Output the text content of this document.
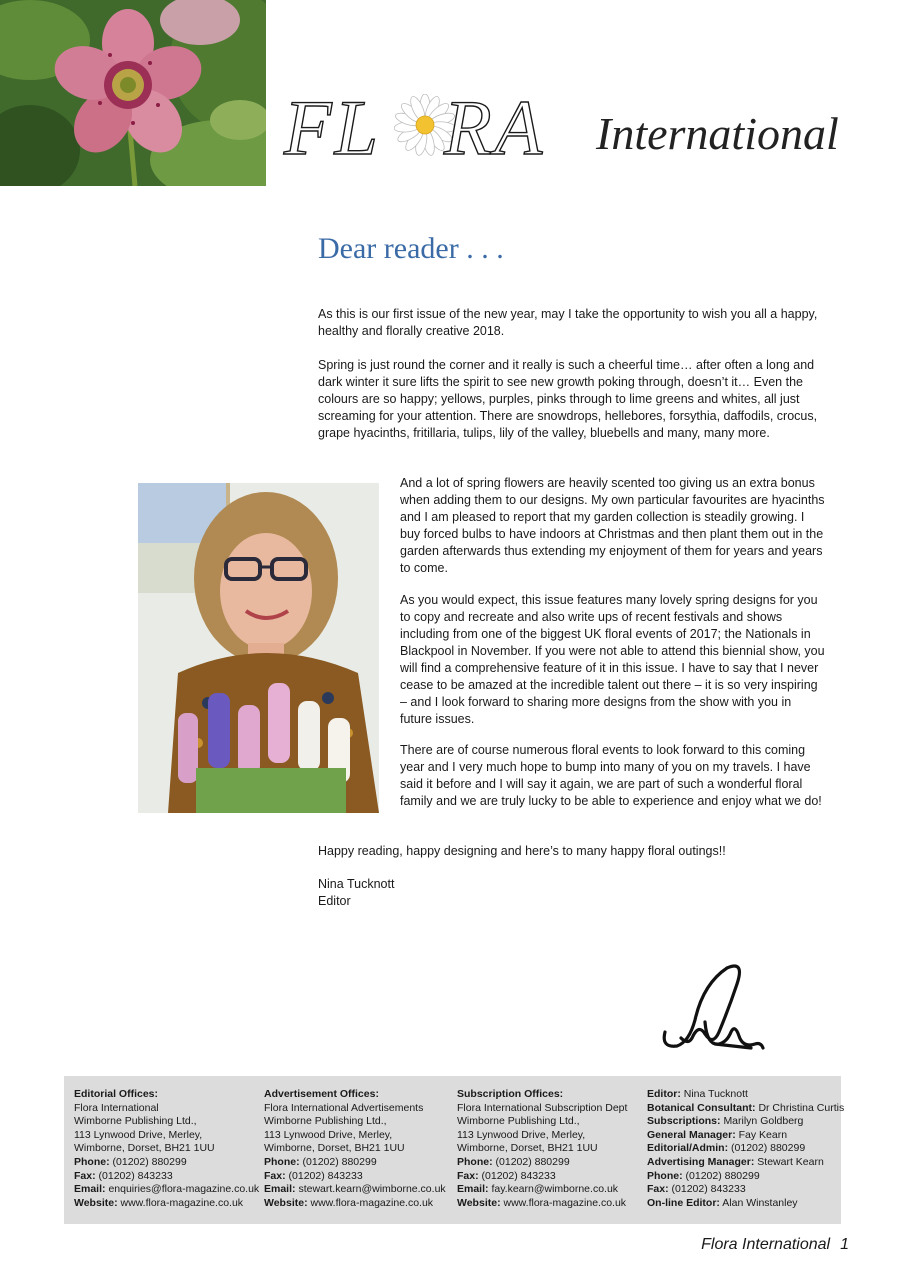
FL RA International
Dear reader . . .

As this is our first issue of the new year, may I take the opportunity to wish you all a happy, healthy and florally creative 2018.

Spring is just round the corner and it really is such a cheerful time… after often a long and dark winter it sure lifts the spirit to see new growth poking through, doesn’t it… Even the colours are so happy; yellows, purples, pinks through to lime greens and whites, all just screaming for your attention. There are snowdrops, hellebores, forsythia, daffodils, crocus, grape hyacinths, fritillaria, tulips, lily of the valley, bluebells and many, many more.

And a lot of spring flowers are heavily scented too giving us an extra bonus when adding them to our designs. My own particular favourites are hyacinths and I am pleased to report that my garden collection is steadily growing. I buy forced bulbs to have indoors at Christmas and then plant them out in the garden afterwards thus extending my enjoyment of them for years and years to come.

As you would expect, this issue features many lovely spring designs for you to copy and recreate and also write ups of recent festivals and shows including from one of the biggest UK floral events of 2017; the Nationals in Blackpool in November. If you were not able to attend this biennial show, you will find a comprehensive feature of it in this issue. I have to say that I never cease to be amazed at the incredible talent out there – it is so very inspiring – and I look forward to sharing more designs from the show with you in future issues.

There are of course numerous floral events to look forward to this coming year and I very much hope to bump into many of you on my travels. I have said it before and I will say it again, we are part of such a wonderful floral family and we are truly lucky to be able to experience and enjoy what we do!

Happy reading, happy designing and here’s to many happy floral outings!!

Nina Tucknott
Editor
Editorial Offices:
Flora International
Wimborne Publishing Ltd.,
113 Lynwood Drive, Merley,
Wimborne, Dorset, BH21 1UU
Phone: (01202) 880299
Fax: (01202) 843233
Email: enquiries@flora-magazine.co.uk
Website: www.flora-magazine.co.uk
Advertisement Offices:
Flora International Advertisements
Wimborne Publishing Ltd.,
113 Lynwood Drive, Merley,
Wimborne, Dorset, BH21 1UU
Phone: (01202) 880299
Fax: (01202) 843233
Email: stewart.kearn@wimborne.co.uk
Website: www.flora-magazine.co.uk
Subscription Offices:
Flora International Subscription Dept
Wimborne Publishing Ltd.,
113 Lynwood Drive, Merley,
Wimborne, Dorset, BH21 1UU
Phone: (01202) 880299
Fax: (01202) 843233
Email: fay.kearn@wimborne.co.uk
Website: www.flora-magazine.co.uk
Editor: Nina Tucknott
Botanical Consultant: Dr Christina Curtis
Subscriptions: Marilyn Goldberg
General Manager: Fay Kearn
Editorial/Admin: (01202) 880299
Advertising Manager: Stewart Kearn
Phone: (01202) 880299
Fax: (01202) 843233
On-line Editor: Alan Winstanley
Flora International 1
